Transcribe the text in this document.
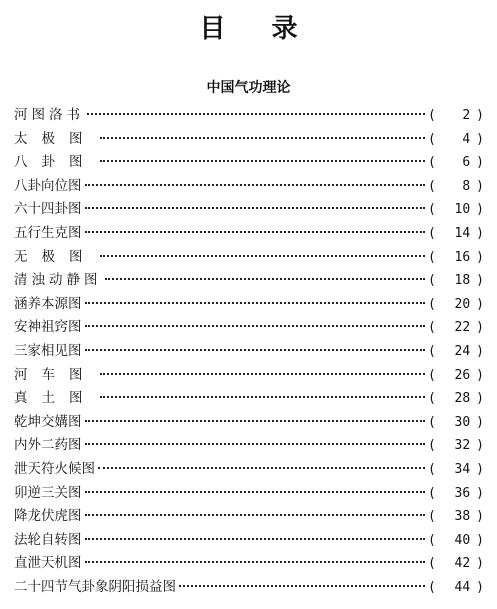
目录
中国气功理论
河图洛书	(	2 )
太极图	(	4 )
八卦图	(	6 )
八卦向位图	(	8 )
六十四卦图	(	10 )
五行生克图	(	14 )
无极图	(	16 )
清浊动静图	(	18 )
涵养本源图	(	20 )
安神祖窍图	(	22 )
三家相见图	(	24 )
河车图	(	26 )
真土图	(	28 )
乾坤交媾图	(	30 )
内外二药图	(	32 )
泄天符火候图	(	34 )
卯逆三关图	(	36 )
降龙伏虎图	(	38 )
法轮自转图	(	40 )
直泄天机图	(	42 )
二十四节气卦象阴阳损益图	(	44 )
